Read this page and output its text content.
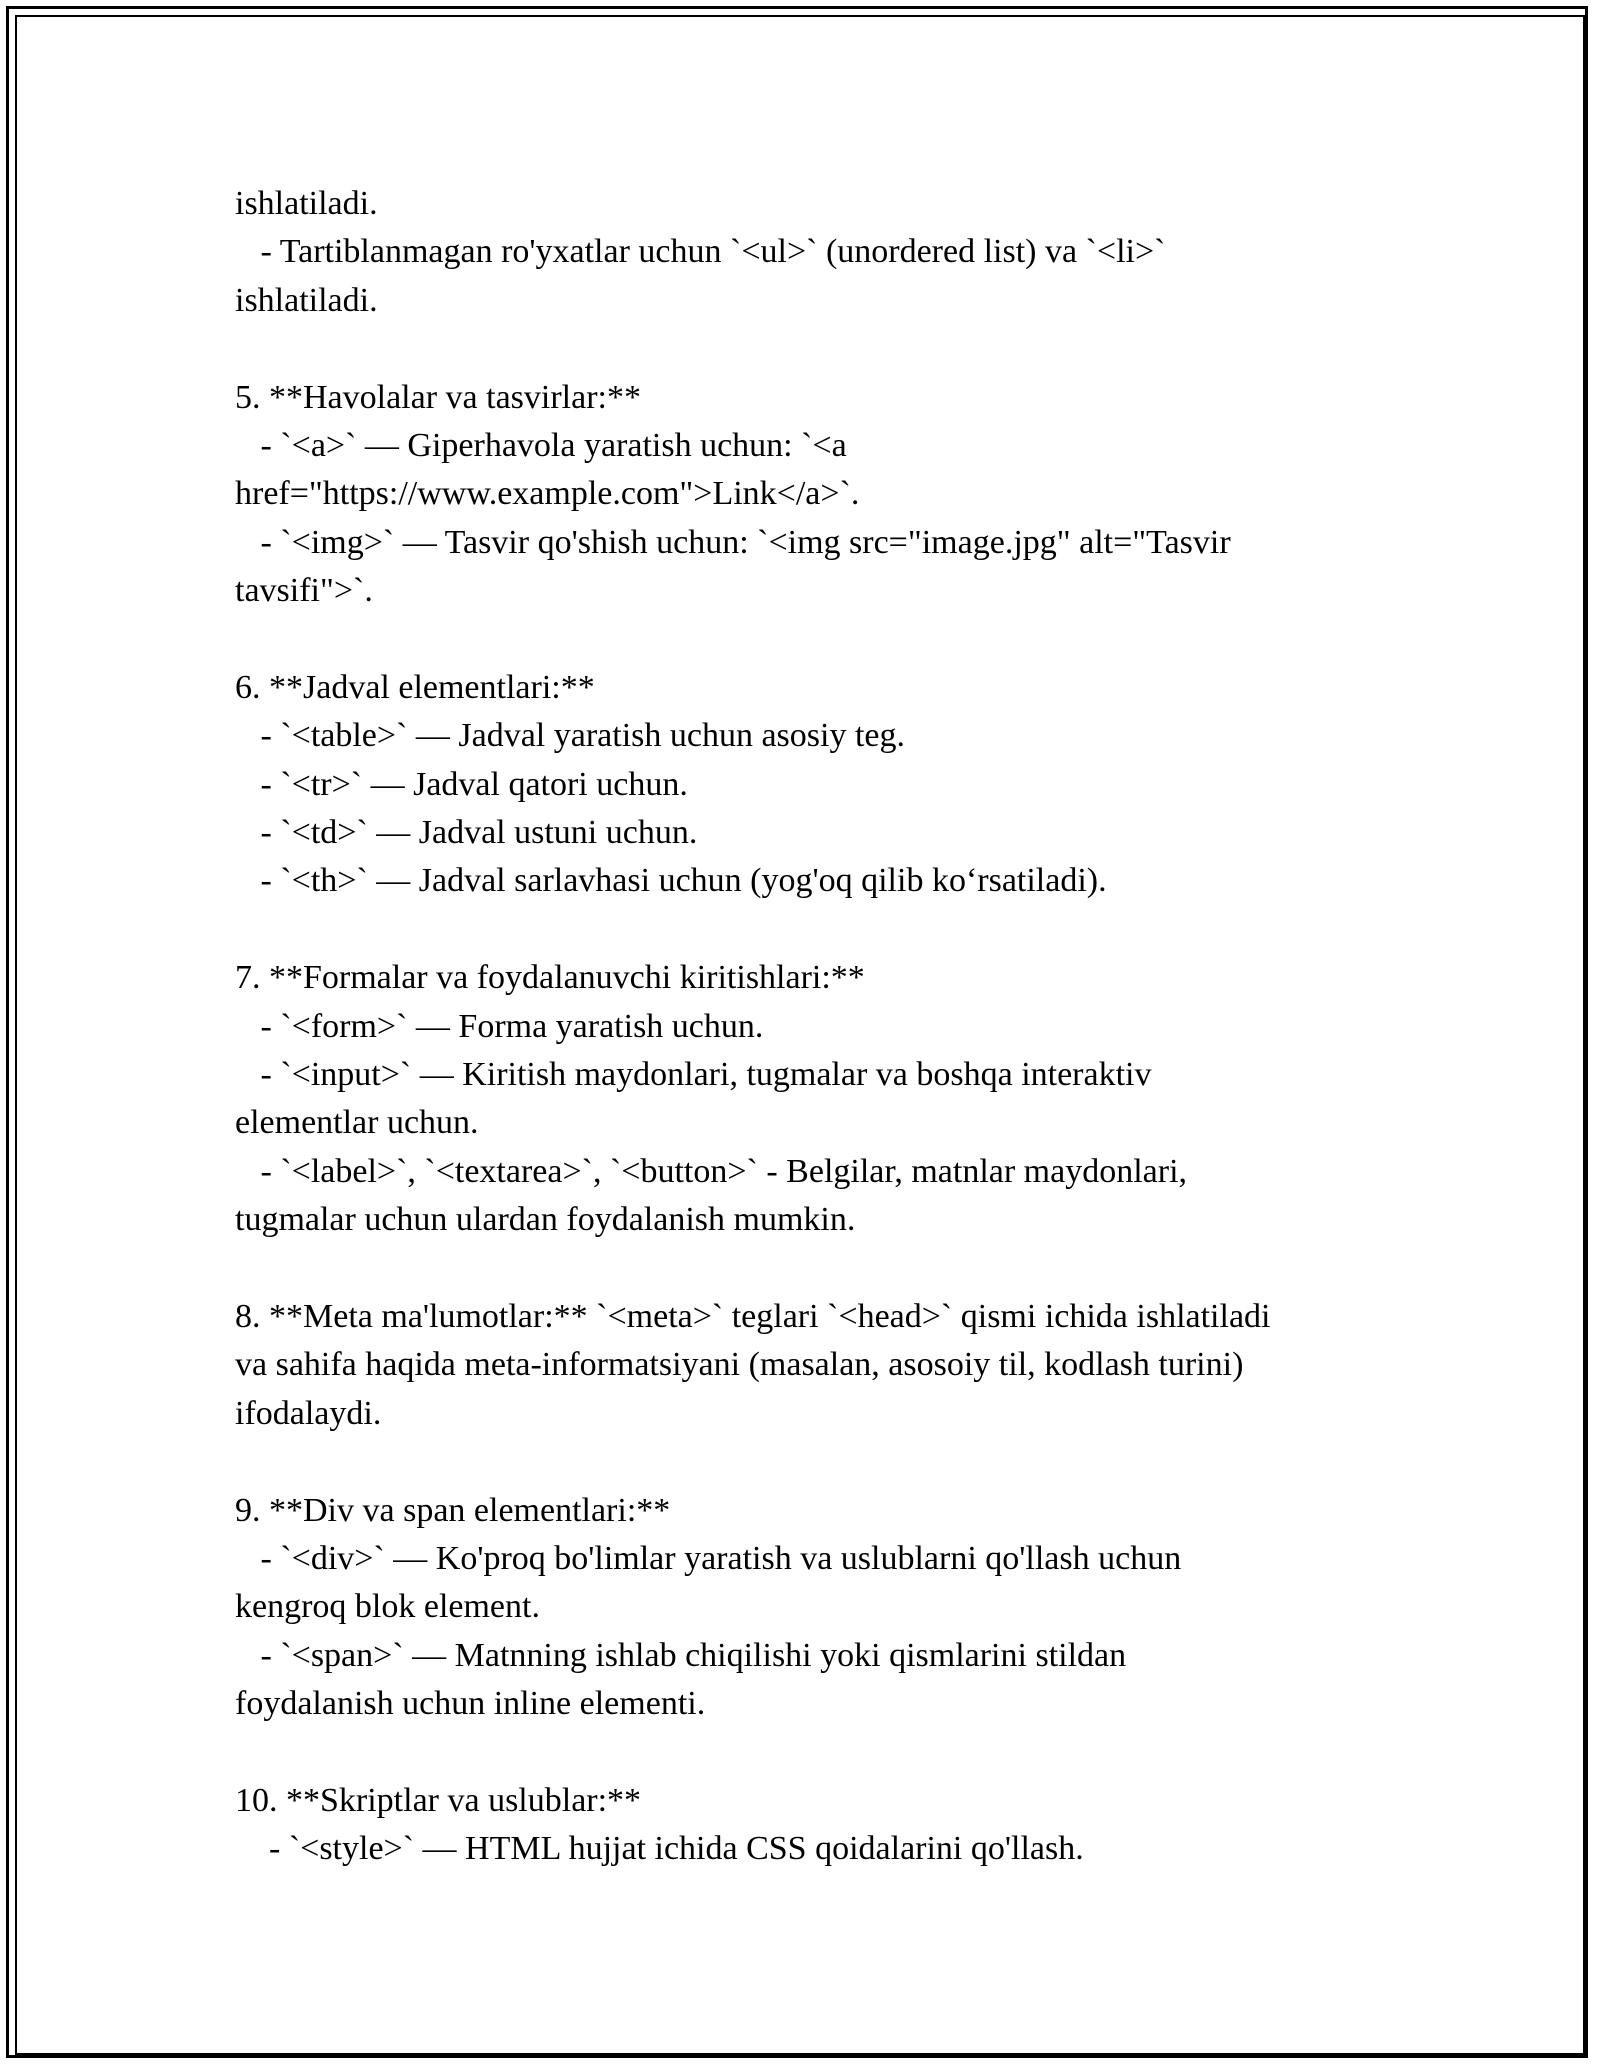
ishlatiladi.
- Tartiblanmagan ro'yxatlar uchun `<ul>` (unordered list) va `<li>`
ishlatiladi.
5. **Havolalar va tasvirlar:**
- `<a>` — Giperhavola yaratish uchun: `<a
href="https://www.example.com">Link</a>`.
- `<img>` — Tasvir qo'shish uchun: `<img src="image.jpg" alt="Tasvir
tavsifi">`.
6. **Jadval elementlari:**
- `<table>` — Jadval yaratish uchun asosiy teg.
- `<tr>` — Jadval qatori uchun.
- `<td>` — Jadval ustuni uchun.
- `<th>` — Jadval sarlavhasi uchun (yog'oq qilib koʻrsatiladi).
7. **Formalar va foydalanuvchi kiritishlari:**
- `<form>` — Forma yaratish uchun.
- `<input>` — Kiritish maydonlari, tugmalar va boshqa interaktiv
elementlar uchun.
- `<label>`, `<textarea>`, `<button>` - Belgilar, matnlar maydonlari,
tugmalar uchun ulardan foydalanish mumkin.
8. **Meta ma'lumotlar:** `<meta>` teglari `<head>` qismi ichida ishlatiladi
va sahifa haqida meta-informatsiyani (masalan, asosoiy til, kodlash turini)
ifodalaydi.
9. **Div va span elementlari:**
- `<div>` — Ko'proq bo'limlar yaratish va uslublarni qo'llash uchun
kengroq blok element.
- `<span>` — Matnning ishlab chiqilishi yoki qismlarini stildan
foydalanish uchun inline elementi.
10. **Skriptlar va uslublar:**
- `<style>` — HTML hujjat ichida CSS qoidalarini qo'llash.
